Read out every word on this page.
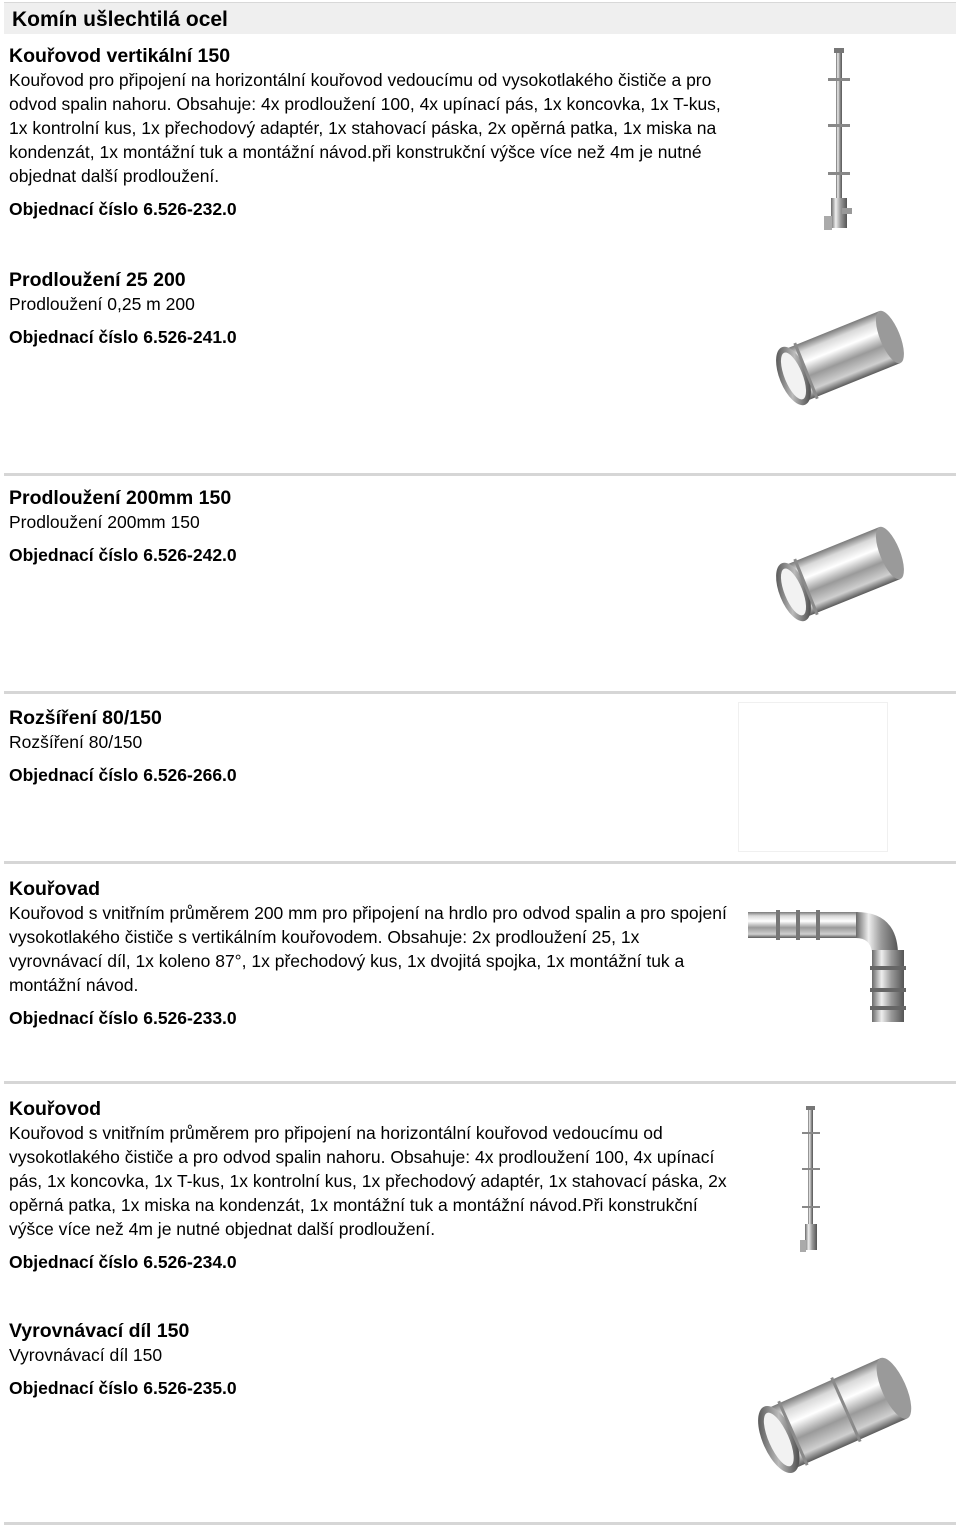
Komín ušlechtilá ocel

Kouřovod vertikální 150

Kouřovod pro připojení na horizontální kouřovod vedoucímu od vysokotlakého čističe a pro odvod spalin nahoru. Obsahuje: 4x prodloužení 100, 4x upínací pás, 1x koncovka, 1x T-kus, 1x kontrolní kus, 1x přechodový adaptér, 1x stahovací páska, 2x opěrná patka, 1x miska na kondenzát, 1x montážní tuk a montážní návod.při konstrukční výšce více než 4m je nutné objednat další prodloužení.

Objednací číslo 6.526-232.0

Prodloužení 25 200

Prodloužení 0,25 m 200

Objednací číslo 6.526-241.0

Prodloužení 200mm 150

Prodloužení 200mm 150

Objednací číslo 6.526-242.0

Rozšíření 80/150

Rozšíření 80/150

Objednací číslo 6.526-266.0

Kouřovad

Kouřovod s vnitřním průměrem 200 mm pro připojení na hrdlo pro odvod spalin a pro spojení vysokotlakého čističe s vertikálním kouřovodem. Obsahuje: 2x prodloužení 25, 1x vyrovnávací díl, 1x koleno 87°, 1x přechodový kus, 1x dvojitá spojka, 1x montážní tuk a montážní návod.

Objednací číslo 6.526-233.0

Kouřovod

Kouřovod s vnitřním průměrem pro připojení na horizontální kouřovod vedoucímu od vysokotlakého čističe a pro odvod spalin nahoru. Obsahuje: 4x prodloužení 100, 4x upínací pás, 1x koncovka, 1x T-kus, 1x kontrolní kus, 1x přechodový adaptér, 1x stahovací páska, 2x opěrná patka, 1x miska na kondenzát, 1x montážní tuk a montážní návod.Při konstrukční výšce více než 4m je nutné objednat další prodloužení.

Objednací číslo 6.526-234.0

Vyrovnávací díl 150

Vyrovnávací díl 150

Objednací číslo 6.526-235.0
